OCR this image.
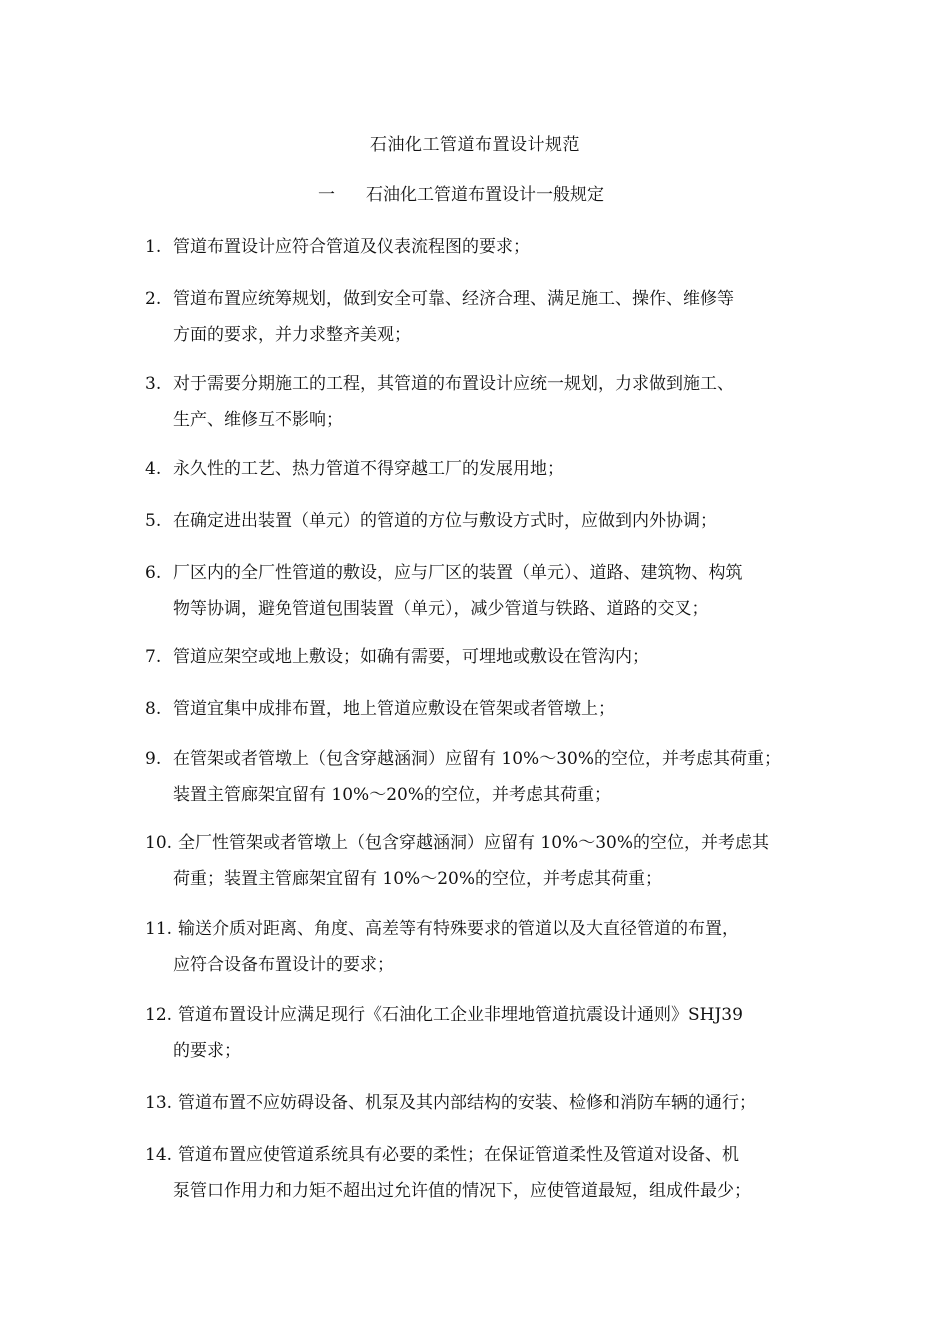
石油化工管道布置设计规范
一 石油化工管道布置设计一般规定
1. 管道布置设计应符合管道及仪表流程图的要求；
2. 管道布置应统筹规划，做到安全可靠、经济合理、满足施工、操作、维修等
方面的要求，并力求整齐美观；
3. 对于需要分期施工的工程，其管道的布置设计应统一规划，力求做到施工、
生产、维修互不影响；
4. 永久性的工艺、热力管道不得穿越工厂的发展用地；
5. 在确定进出装置（单元）的管道的方位与敷设方式时，应做到内外协调；
6. 厂区内的全厂性管道的敷设，应与厂区的装置（单元）、道路、建筑物、构筑
物等协调，避免管道包围装置（单元），减少管道与铁路、道路的交叉；
7. 管道应架空或地上敷设；如确有需要，可埋地或敷设在管沟内；
8. 管道宜集中成排布置，地上管道应敷设在管架或者管墩上；
9. 在管架或者管墩上（包含穿越涵洞）应留有 10%～30%的空位，并考虑其荷重；
装置主管廊架宜留有 10%～20%的空位，并考虑其荷重；
10. 全厂性管架或者管墩上（包含穿越涵洞）应留有 10%～30%的空位，并考虑其
荷重；装置主管廊架宜留有 10%～20%的空位，并考虑其荷重；
11. 输送介质对距离、角度、高差等有特殊要求的管道以及大直径管道的布置，
应符合设备布置设计的要求；
12. 管道布置设计应满足现行《石油化工企业非埋地管道抗震设计通则》SHJ39
的要求；
13. 管道布置不应妨碍设备、机泵及其内部结构的安装、检修和消防车辆的通行；
14. 管道布置应使管道系统具有必要的柔性；在保证管道柔性及管道对设备、机
泵管口作用力和力矩不超出过允许值的情况下，应使管道最短，组成件最少；
